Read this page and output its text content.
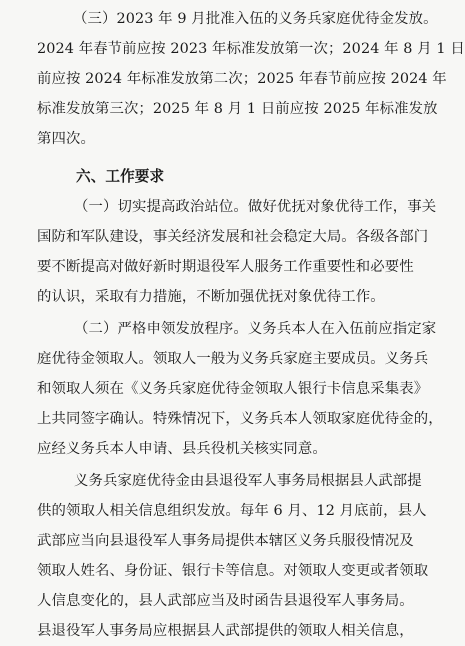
（三）2023 年 9 月批准入伍的义务兵家庭优待金发放。
2024 年春节前应按 2023 年标准发放第一次；2024 年 8 月 1 日
前应按 2024 年标准发放第二次；2025 年春节前应按 2024 年
标准发放第三次；2025 年 8 月 1 日前应按 2025 年标准发放
第四次。
六、工作要求
（一）切实提高政治站位。做好优抚对象优待工作，事关
国防和军队建设，事关经济发展和社会稳定大局。各级各部门
要不断提高对做好新时期退役军人服务工作重要性和必要性
的认识，采取有力措施，不断加强优抚对象优待工作。
（二）严格申领发放程序。义务兵本人在入伍前应指定家
庭优待金领取人。领取人一般为义务兵家庭主要成员。义务兵
和领取人须在《义务兵家庭优待金领取人银行卡信息采集表》
上共同签字确认。特殊情况下，义务兵本人领取家庭优待金的，
应经义务兵本人申请、县兵役机关核实同意。
义务兵家庭优待金由县退役军人事务局根据县人武部提
供的领取人相关信息组织发放。每年 6 月、12 月底前，县人
武部应当向县退役军人事务局提供本辖区义务兵服役情况及
领取人姓名、身份证、银行卡等信息。对领取人变更或者领取
人信息变化的，县人武部应当及时函告县退役军人事务局。
县退役军人事务局应根据县人武部提供的领取人相关信息，
